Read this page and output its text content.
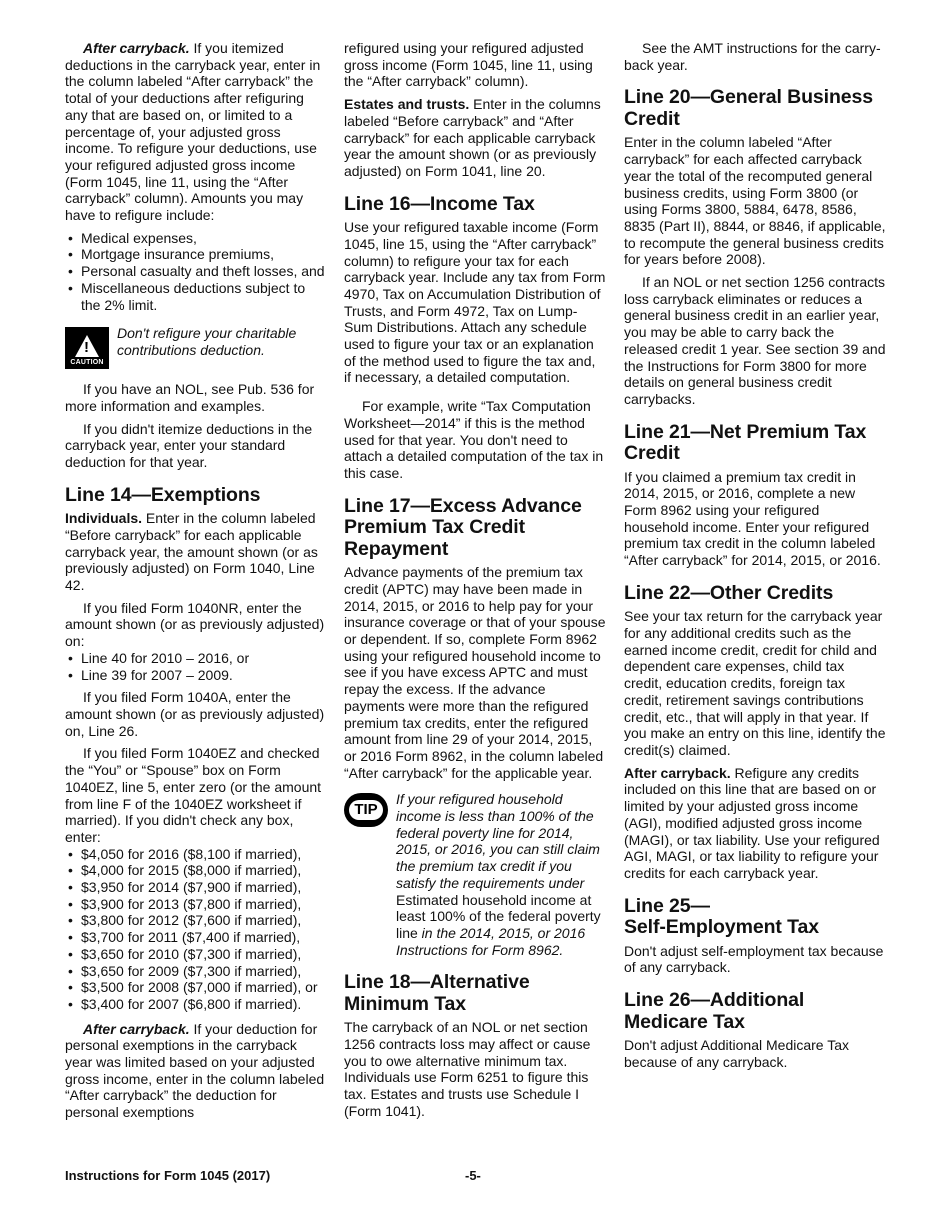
After carryback. If you itemized deductions in the carryback year, enter in the column labeled “After carryback” the total of your deductions after refiguring any that are based on, or limited to a percentage of, your adjusted gross income. To refigure your deductions, use your refigured adjusted gross income (Form 1045, line 11, using the “After carryback” column). Amounts you may have to refigure include:

• Medical expenses,
• Mortgage insurance premiums,
• Personal casualty and theft losses, and
• Miscellaneous deductions subject to the 2% limit.
!
CAUTION
Don't refigure your charitable contributions deduction.

If you have an NOL, see Pub. 536 for more information and examples.

If you didn't itemize deductions in the carryback year, enter your standard deduction for that year.

Line 14—Exemptions

Individuals. Enter in the column labeled “Before carryback” for each applicable carryback year, the amount shown (or as previously adjusted) on Form 1040, Line 42.

If you filed Form 1040NR, enter the amount shown (or as previously adjusted) on:

• Line 40 for 2010 – 2016, or
• Line 39 for 2007 – 2009.

If you filed Form 1040A, enter the amount shown (or as previously adjusted) on, Line 26.

If you filed Form 1040EZ and checked the “You” or “Spouse” box on Form 1040EZ, line 5, enter zero (or the amount from line F of the 1040EZ worksheet if married). If you didn't check any box, enter:

• $4,050 for 2016 ($8,100 if married),
• $4,000 for 2015 ($8,000 if married),
• $3,950 for 2014 ($7,900 if married),
• $3,900 for 2013 ($7,800 if married),
• $3,800 for 2012 ($7,600 if married),
• $3,700 for 2011 ($7,400 if married),
• $3,650 for 2010 ($7,300 if married),
• $3,650 for 2009 ($7,300 if married),
• $3,500 for 2008 ($7,000 if married), or
• $3,400 for 2007 ($6,800 if married).

After carryback. If your deduction for personal exemptions in the carryback year was limited based on your adjusted gross income, enter in the column labeled “After carryback” the deduction for personal exemptions

refigured using your refigured adjusted gross income (Form 1045, line 11, using the “After carryback” column).

Estates and trusts. Enter in the columns labeled “Before carryback” and “After carryback” for each applicable carryback year the amount shown (or as previously adjusted) on Form 1041, line 20.

Line 16—Income Tax

Use your refigured taxable income (Form 1045, line 15, using the “After carryback” column) to refigure your tax for each carryback year. Include any tax from Form 4970, Tax on Accumulation Distribution of Trusts, and Form 4972, Tax on Lump-Sum Distributions. Attach any schedule used to figure your tax or an explanation of the method used to figure the tax and, if necessary, a detailed computation.

For example, write “Tax Computation Worksheet—2014” if this is the method used for that year. You don't need to attach a detailed computation of the tax in this case.

Line 17—Excess Advance Premium Tax Credit Repayment

Advance payments of the premium tax credit (APTC) may have been made in 2014, 2015, or 2016 to help pay for your insurance coverage or that of your spouse or dependent. If so, complete Form 8962 using your refigured household income to see if you have excess APTC and must repay the excess. If the advance payments were more than the refigured premium tax credits, enter the refigured amount from line 29 of your 2014, 2015, or 2016 Form 8962, in the column labeled “After carryback” for the applicable year.

TIP
If your refigured household income is less than 100% of the federal poverty line for 2014, 2015, or 2016, you can still claim the premium tax credit if you satisfy the requirements under Estimated household income at least 100% of the federal poverty line in the 2014, 2015, or 2016 Instructions for Form 8962.
Line 18—Alternative Minimum Tax

The carryback of an NOL or net section 1256 contracts loss may affect or cause you to owe alternative minimum tax. Individuals use Form 6251 to figure this tax. Estates and trusts use Schedule I (Form 1041).

See the AMT instructions for the carry-back year.

Line 20—General Business Credit

Enter in the column labeled “After carryback” for each affected carryback year the total of the recomputed general business credits, using Form 3800 (or using Forms 3800, 5884, 6478, 8586, 8835 (Part II), 8844, or 8846, if applicable, to recompute the general business credits for years before 2008).

If an NOL or net section 1256 contracts loss carryback eliminates or reduces a general business credit in an earlier year, you may be able to carry back the released credit 1 year. See section 39 and the Instructions for Form 3800 for more details on general business credit carrybacks.

Line 21—Net Premium Tax Credit

If you claimed a premium tax credit in 2014, 2015, or 2016, complete a new Form 8962 using your refigured household income. Enter your refigured premium tax credit in the column labeled “After carryback” for 2014, 2015, or 2016.

Line 22—Other Credits

See your tax return for the carryback year for any additional credits such as the earned income credit, credit for child and dependent care expenses, child tax credit, education credits, foreign tax credit, retirement savings contributions credit, etc., that will apply in that year. If you make an entry on this line, identify the credit(s) claimed.

After carryback. Refigure any credits included on this line that are based on or limited by your adjusted gross income (AGI), modified adjusted gross income (MAGI), or tax liability. Use your refigured AGI, MAGI, or tax liability to refigure your credits for each carryback year.

Line 25—
Self-Employment Tax

Don't adjust self-employment tax because of any carryback.

Line 26—Additional Medicare Tax

Don't adjust Additional Medicare Tax because of any carryback.

Instructions for Form 1045 (2017)	-5-
